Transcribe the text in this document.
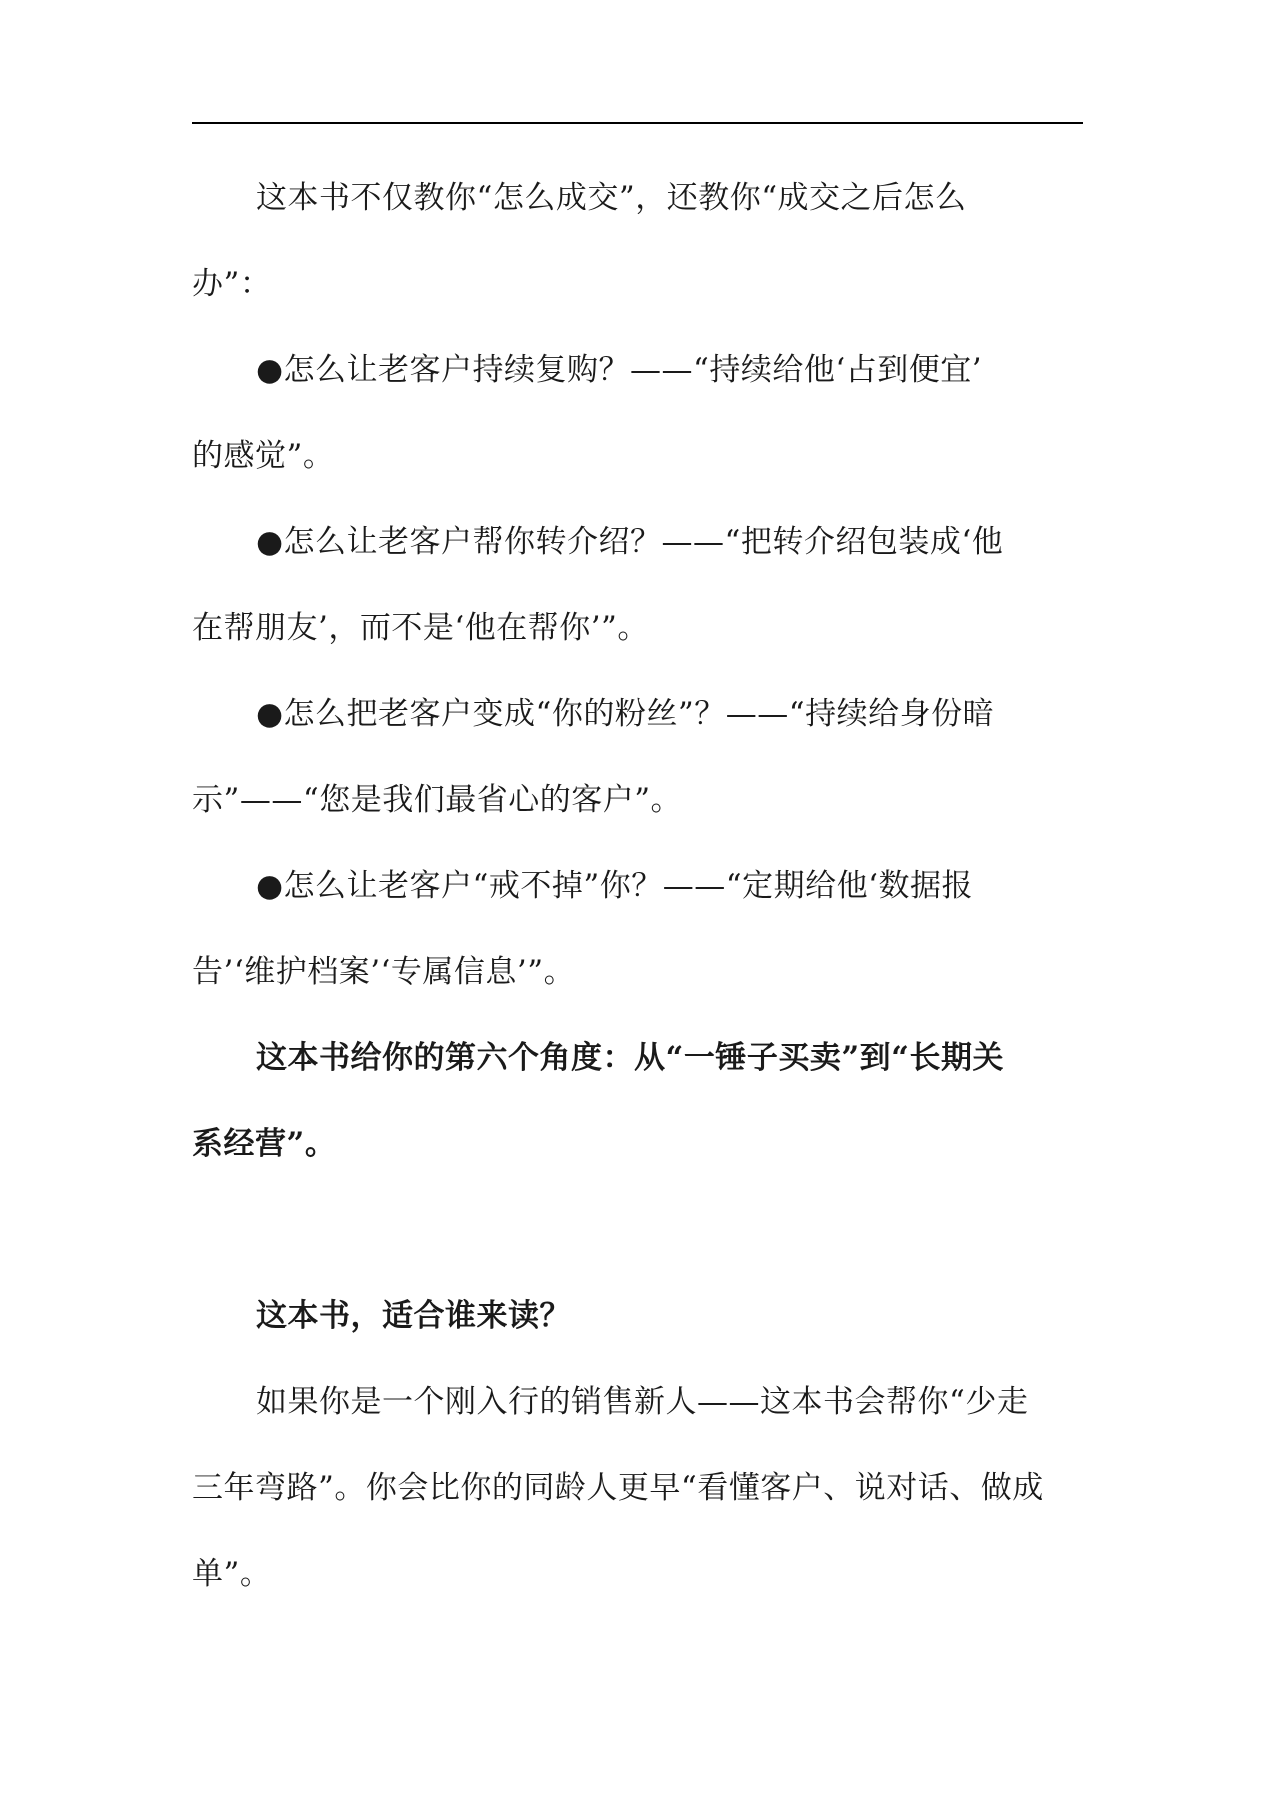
这本书不仅教你“怎么成交”，还教你“成交之后怎么
办”：

●怎么让老客户持续复购？——“持续给他‘占到便宜’
的感觉”。

●怎么让老客户帮你转介绍？——“把转介绍包装成‘他
在帮朋友’，而不是‘他在帮你’”。

●怎么把老客户变成“你的粉丝”？——“持续给身份暗
示”——“您是我们最省心的客户”。

●怎么让老客户“戒不掉”你？——“定期给他‘数据报
告’‘维护档案’‘专属信息’”。

这本书给你的第六个角度：从“一锤子买卖”到“长期关
系经营”。

这本书，适合谁来读？

如果你是一个刚入行的销售新人——这本书会帮你“少走
三年弯路”。你会比你的同龄人更早“看懂客户、说对话、做成
单”。
